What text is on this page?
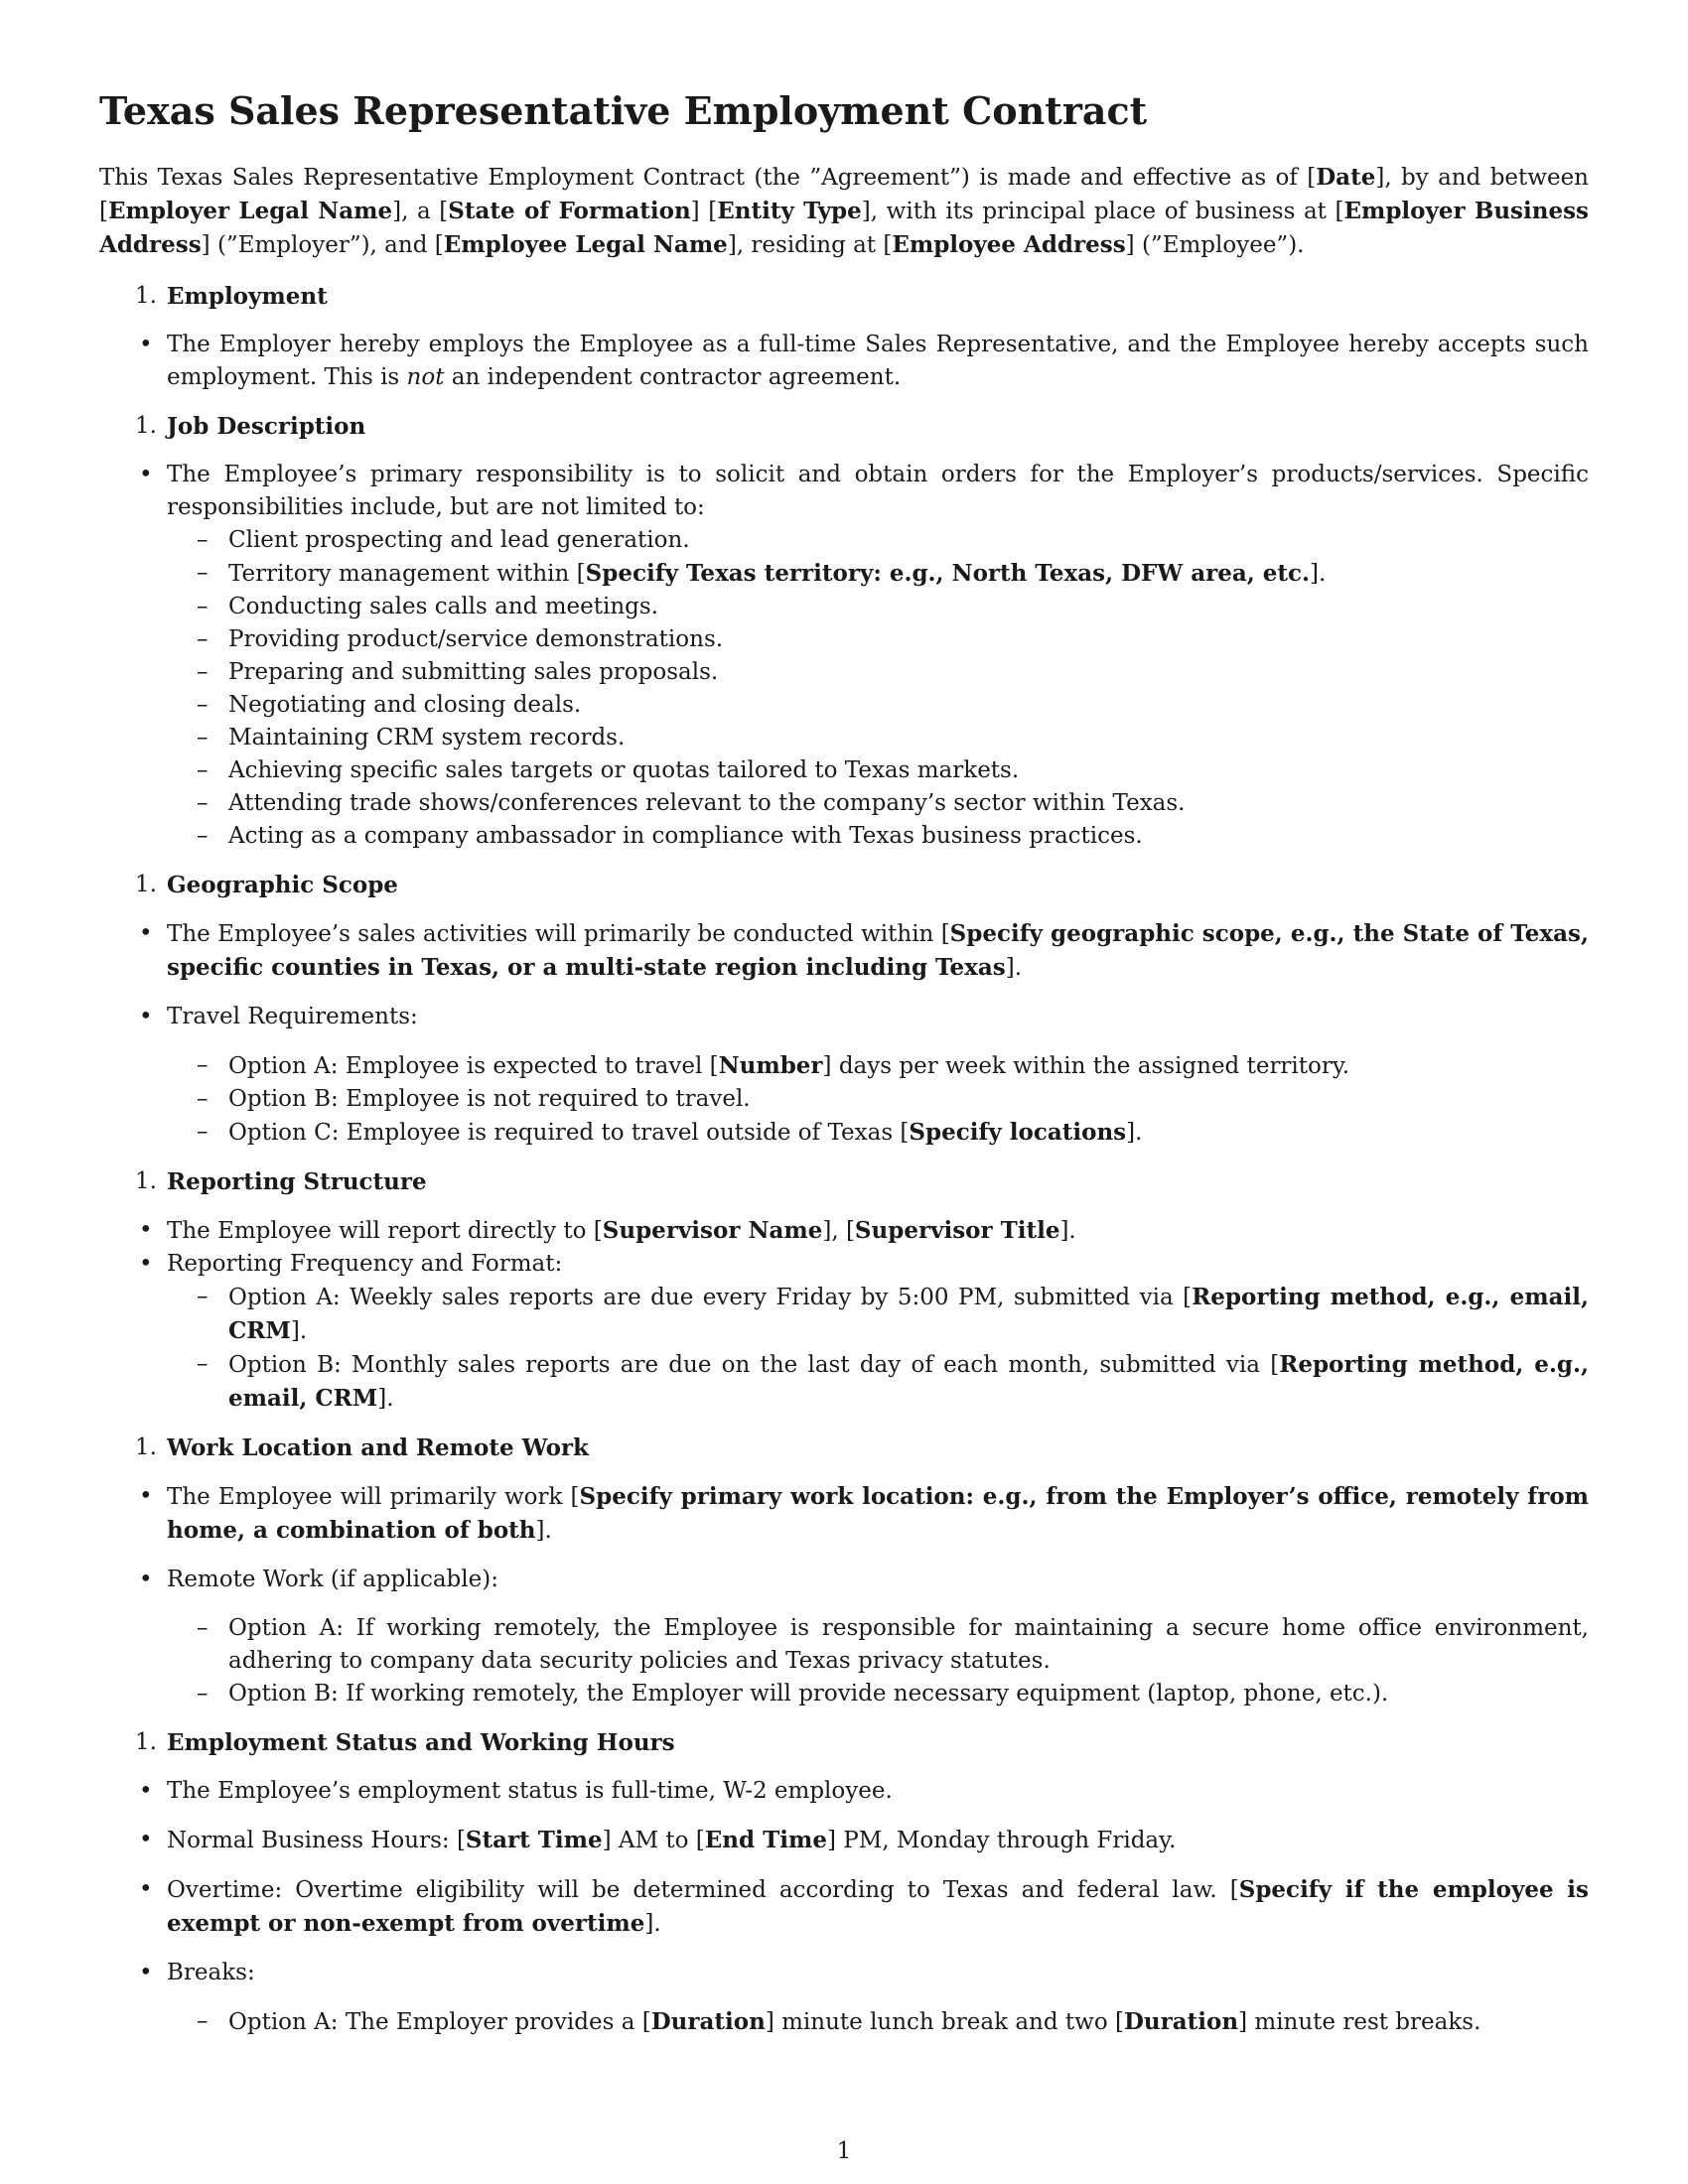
Texas Sales Representative Employment Contract

This Texas Sales Representative Employment Contract (the ”Agreement”) is made and effective as of [Date], by and between [Employer Legal Name], a [State of Formation] [Entity Type], with its principal place of business at [Employer Business Address] (”Employer”), and [Employee Legal Name], residing at [Employee Address] (”Employee”).

1. Employment
• The Employer hereby employs the Employee as a full-time Sales Representative, and the Employee hereby accepts such employment. This is not an independent contractor agreement.
1. Job Description
• The Employee’s primary responsibility is to solicit and obtain orders for the Employer’s products/services. Specific responsibilities include, but are not limited to:
– Client prospecting and lead generation.
– Territory management within [Specify Texas territory: e.g., North Texas, DFW area, etc.].
– Conducting sales calls and meetings.
– Providing product/service demonstrations.
– Preparing and submitting sales proposals.
– Negotiating and closing deals.
– Maintaining CRM system records.
– Achieving specific sales targets or quotas tailored to Texas markets.
– Attending trade shows/conferences relevant to the company’s sector within Texas.
– Acting as a company ambassador in compliance with Texas business practices.
1. Geographic Scope
• The Employee’s sales activities will primarily be conducted within [Specify geographic scope, e.g., the State of Texas, specific counties in Texas, or a multi-state region including Texas].
• Travel Requirements:
– Option A: Employee is expected to travel [Number] days per week within the assigned territory.
– Option B: Employee is not required to travel.
– Option C: Employee is required to travel outside of Texas [Specify locations].
1. Reporting Structure
• The Employee will report directly to [Supervisor Name], [Supervisor Title].
• Reporting Frequency and Format:
– Option A: Weekly sales reports are due every Friday by 5:00 PM, submitted via [Reporting method, e.g., email, CRM].
– Option B: Monthly sales reports are due on the last day of each month, submitted via [Reporting method, e.g., email, CRM].
1. Work Location and Remote Work
• The Employee will primarily work [Specify primary work location: e.g., from the Employer’s office, remotely from home, a combination of both].
• Remote Work (if applicable):
– Option A: If working remotely, the Employee is responsible for maintaining a secure home office environment, adhering to company data security policies and Texas privacy statutes.
– Option B: If working remotely, the Employer will provide necessary equipment (laptop, phone, etc.).
1. Employment Status and Working Hours
• The Employee’s employment status is full-time, W-2 employee.
• Normal Business Hours: [Start Time] AM to [End Time] PM, Monday through Friday.
• Overtime: Overtime eligibility will be determined according to Texas and federal law. [Specify if the employee is exempt or non-exempt from overtime].
• Breaks:
– Option A: The Employer provides a [Duration] minute lunch break and two [Duration] minute rest breaks.
1
